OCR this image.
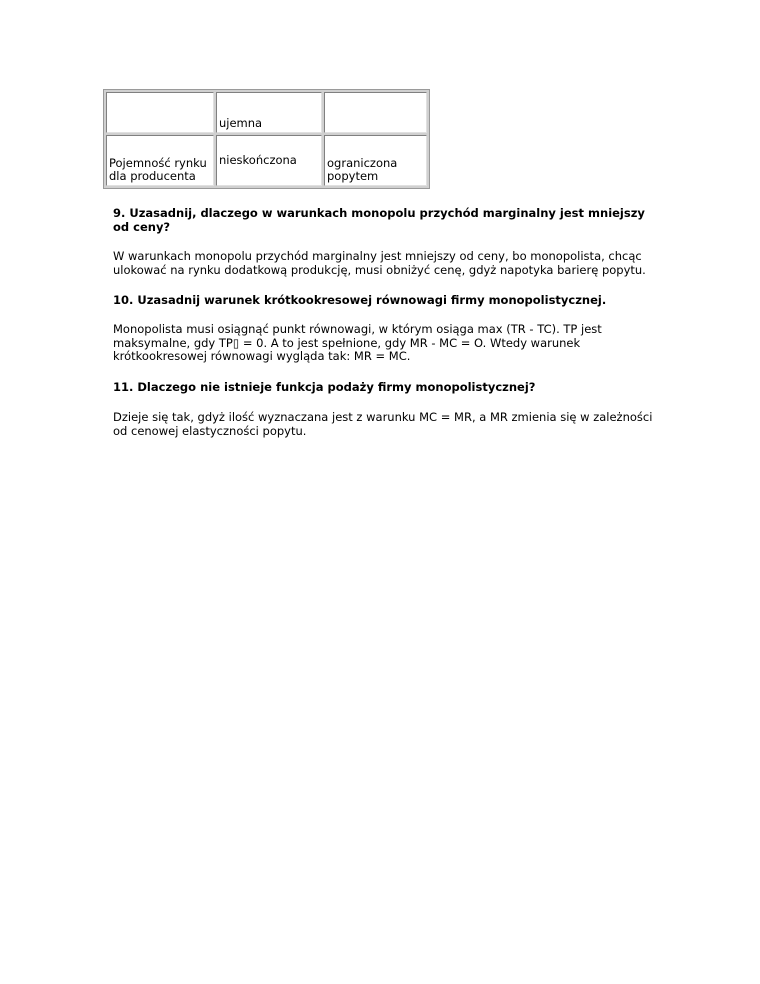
	ujemna	
Pojemność rynku dla producenta	nieskończona	ograniczona popytem

9. Uzasadnij, dlaczego w warunkach monopolu przychód marginalny jest mniejszy od ceny?

W warunkach monopolu przychód marginalny jest mniejszy od ceny, bo monopolista, chcąc ulokować na rynku dodatkową produkcję, musi obniżyć cenę, gdyż napotyka barierę popytu.

10. Uzasadnij warunek krótkookresowej równowagi firmy monopolistycznej.

Monopolista musi osiągnąć punkt równowagi, w którym osiąga max (TR - TC). TP jest maksymalne, gdy TP▯ = 0. A to jest spełnione, gdy MR - MC = O. Wtedy warunek krótkookresowej równowagi wygląda tak: MR = MC.

11. Dlaczego nie istnieje funkcja podaży firmy monopolistycznej?

Dzieje się tak, gdyż ilość wyznaczana jest z warunku MC = MR, a MR zmienia się w zależności od cenowej elastyczności popytu.
